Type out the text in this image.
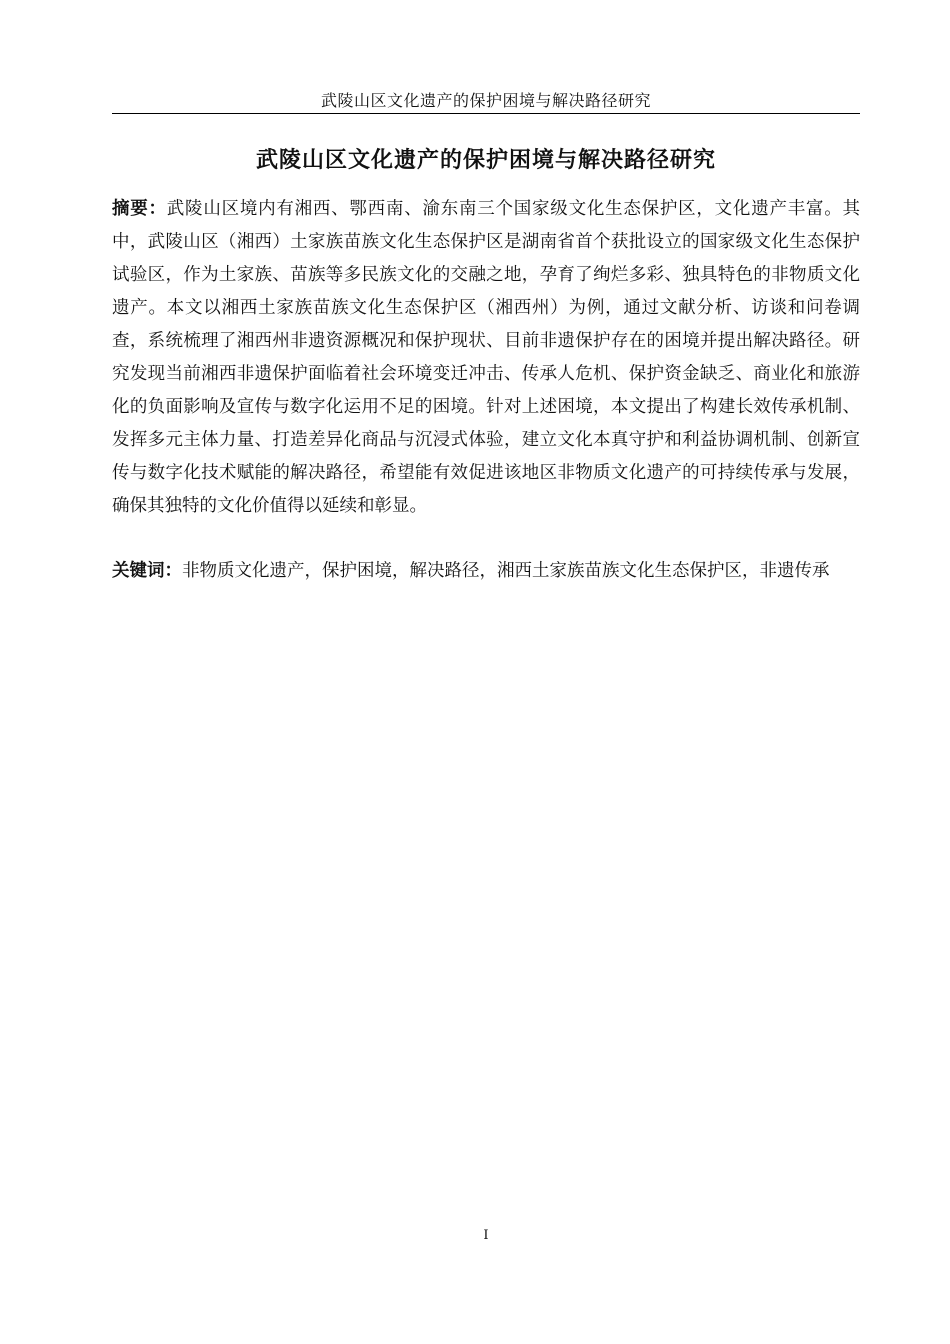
武陵山区文化遗产的保护困境与解决路径研究
武陵山区文化遗产的保护困境与解决路径研究

摘要：武陵山区境内有湘西、鄂西南、渝东南三个国家级文化生态保护区，文化遗产丰富。其中，武陵山区（湘西）土家族苗族文化生态保护区是湖南省首个获批设立的国家级文化生态保护试验区，作为土家族、苗族等多民族文化的交融之地，孕育了绚烂多彩、独具特色的非物质文化遗产。本文以湘西土家族苗族文化生态保护区（湘西州）为例，通过文献分析、访谈和问卷调查，系统梳理了湘西州非遗资源概况和保护现状、目前非遗保护存在的困境并提出解决路径。研究发现当前湘西非遗保护面临着社会环境变迁冲击、传承人危机、保护资金缺乏、商业化和旅游化的负面影响及宣传与数字化运用不足的困境。针对上述困境，本文提出了构建长效传承机制、发挥多元主体力量、打造差异化商品与沉浸式体验，建立文化本真守护和利益协调机制、创新宣传与数字化技术赋能的解决路径，希望能有效促进该地区非物质文化遗产的可持续传承与发展，确保其独特的文化价值得以延续和彰显。

关键词：非物质文化遗产，保护困境，解决路径，湘西土家族苗族文化生态保护区，非遗传承

I
